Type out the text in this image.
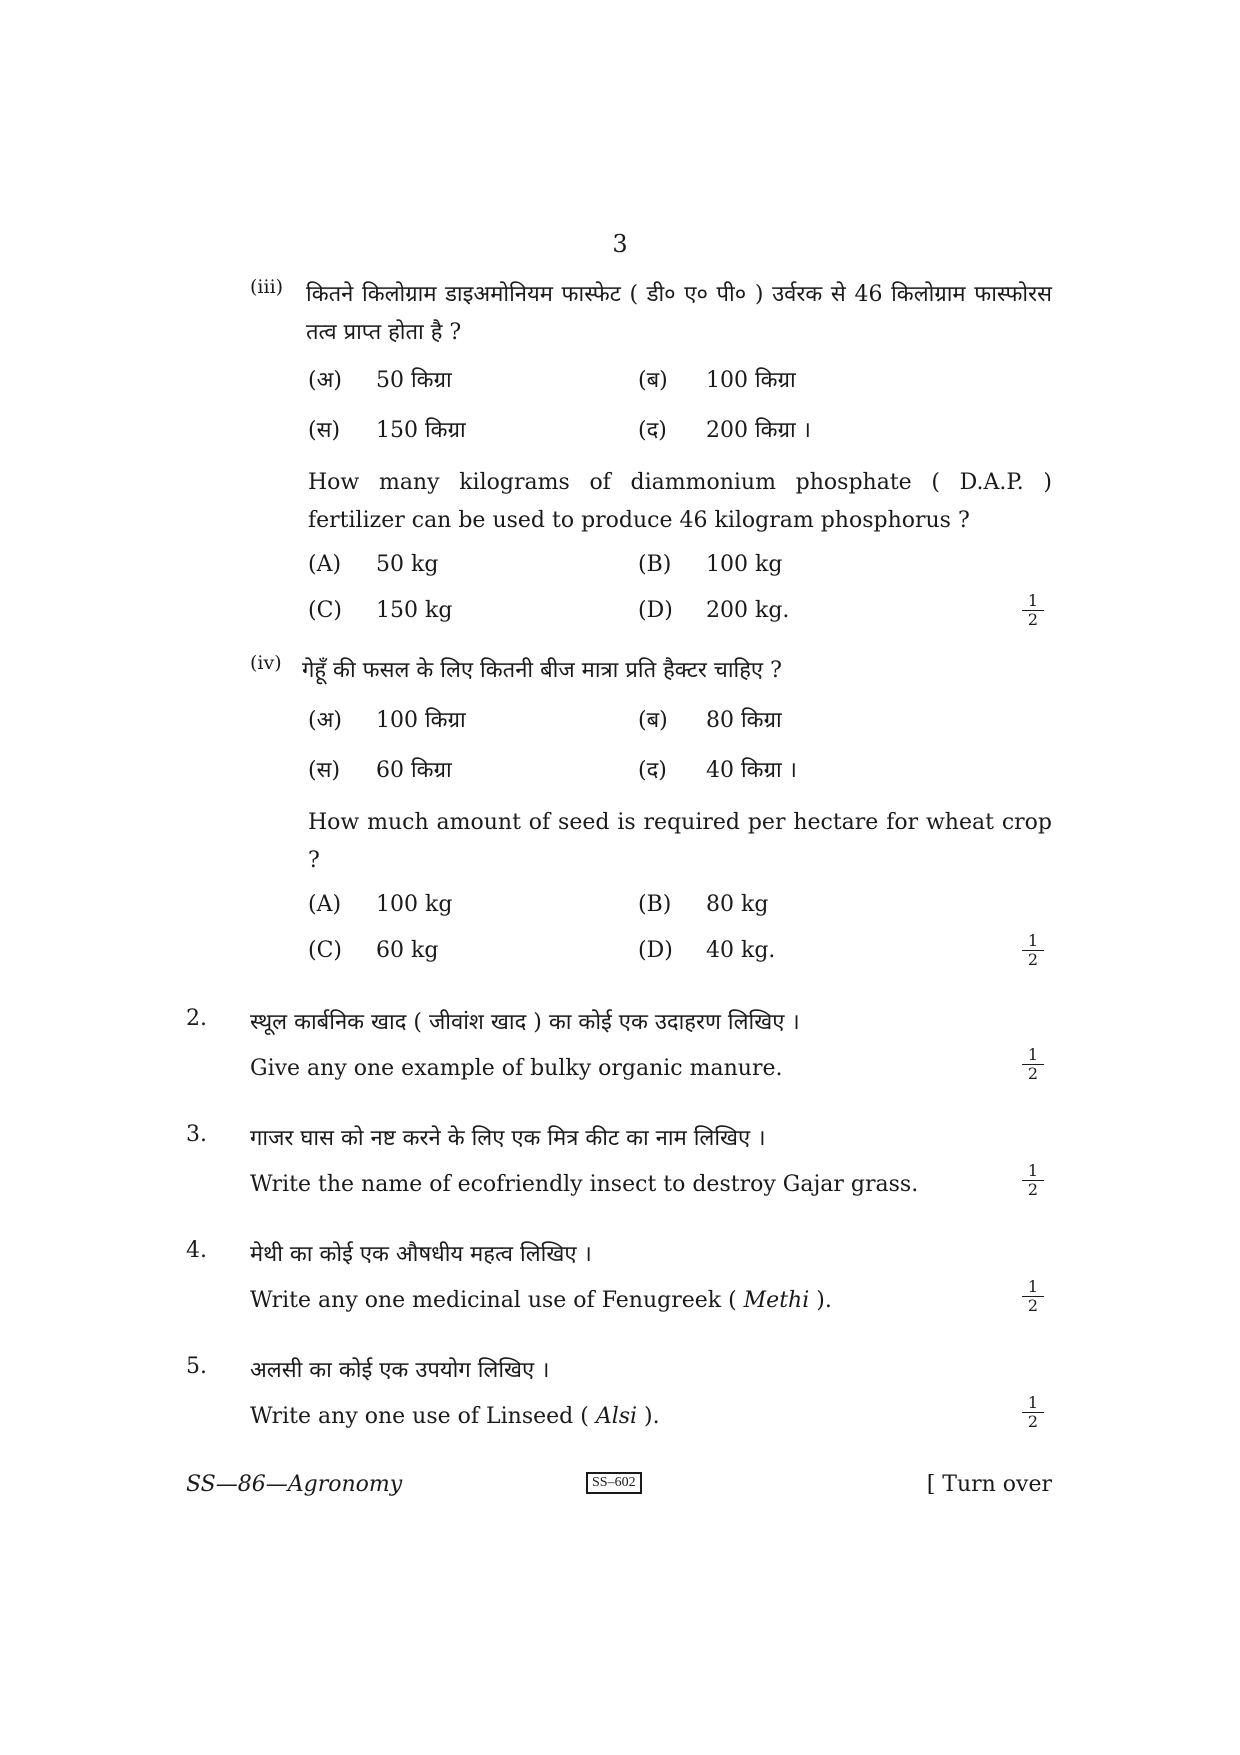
3
(iii) कितने किलोग्राम डाइअमोनियम फास्फेट ( डी० ए० पी० ) उर्वरक से 46 किलोग्राम फास्फोरस तत्व प्राप्त होता है ?
(अ) 50 किग्रा	(ब) 100 किग्रा
(स) 150 किग्रा	(द) 200 किग्रा ।
How many kilograms of diammonium phosphate ( D.A.P. ) fertilizer can be used to produce 46 kilogram phosphorus ?
(A) 50 kg	(B) 100 kg
(C) 150 kg	(D) 200 kg.	$\frac{1}{2}$
(iv) गेहूँ की फसल के लिए कितनी बीज मात्रा प्रति हैक्टर चाहिए ?
(अ) 100 किग्रा	(ब) 80 किग्रा
(स) 60 किग्रा	(द) 40 किग्रा ।
How much amount of seed is required per hectare for wheat crop ?
(A) 100 kg	(B) 80 kg
(C) 60 kg	(D) 40 kg.	$\frac{1}{2}$
2. स्थूल कार्बनिक खाद ( जीवांश खाद ) का कोई एक उदाहरण लिखिए ।
Give any one example of bulky organic manure.	$\frac{1}{2}$
3. गाजर घास को नष्ट करने के लिए एक मित्र कीट का नाम लिखिए ।
Write the name of ecofriendly insect to destroy Gajar grass.	$\frac{1}{2}$
4. मेथी का कोई एक औषधीय महत्व लिखिए ।
Write any one medicinal use of Fenugreek ( Methi ).	$\frac{1}{2}$
5. अलसी का कोई एक उपयोग लिखिए ।
Write any one use of Linseed ( Alsi ).	$\frac{1}{2}$
SS—86—Agronomy	SS–602	[ Turn over
